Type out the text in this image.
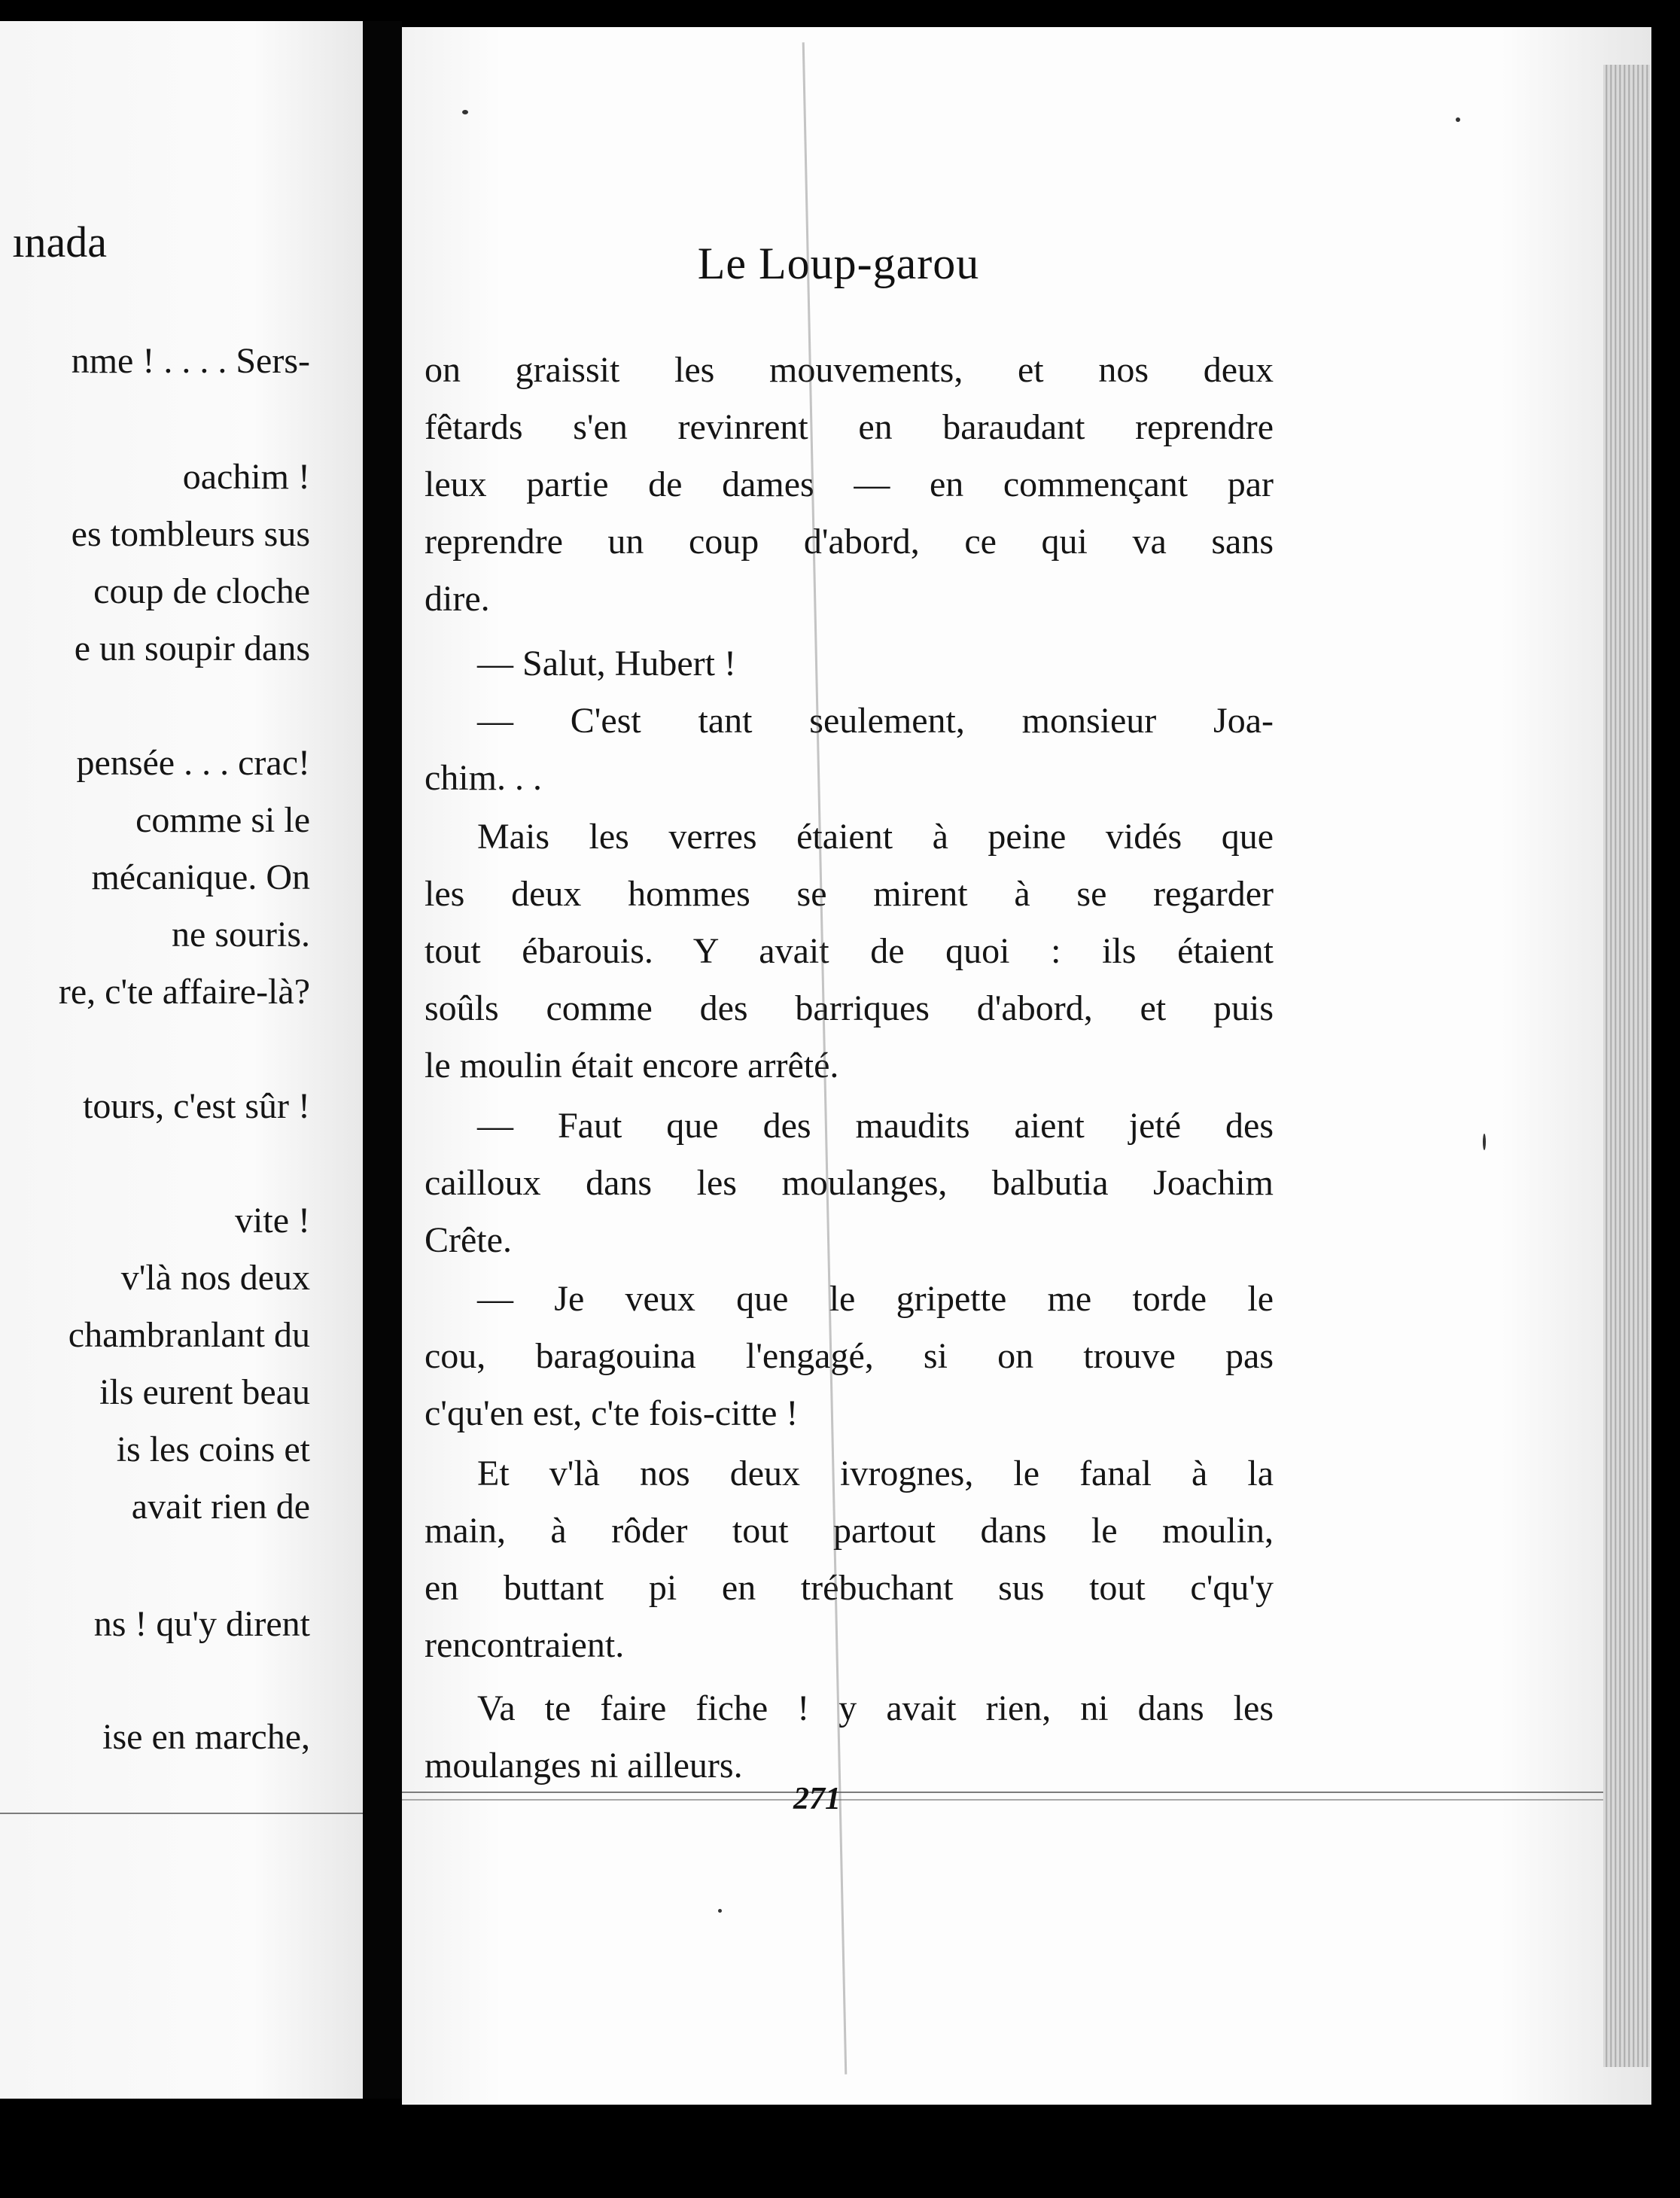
ınada
nme ! . . . . Sers-
oachim !
es tombleurs sus
coup de cloche
e un soupir dans
pensée . . . crac!
comme si le
mécanique. On
ne souris.
re, c'te affaire-là?
tours, c'est sûr !
vite !
v'là nos deux
chambranlant du
ils eurent beau
is les coins et
avait rien de
ns ! qu'y dirent
ise en marche,
Le Loup-garou
on graissit les mouvements, et nos deux
fêtards s'en revinrent en baraudant reprendre
leux partie de dames — en commençant par
reprendre un coup d'abord, ce qui va sans
dire.
— Salut, Hubert !
— C'est tant seulement, monsieur Joa-
chim. . .
Mais les verres étaient à peine vidés que
les deux hommes se mirent à se regarder
tout ébarouis. Y avait de quoi : ils étaient
soûls comme des barriques d'abord, et puis
le moulin était encore arrêté.
— Faut que des maudits aient jeté des
cailloux dans les moulanges, balbutia Joachim
Crête.
— Je veux que le gripette me torde le
cou, baragouina l'engagé, si on trouve pas
c'qu'en est, c'te fois-citte !
Et v'là nos deux ivrognes, le fanal à la
main, à rôder tout partout dans le moulin,
en buttant pi en trébuchant sus tout c'qu'y
rencontraient.
Va te faire fiche ! y avait rien, ni dans les
moulanges ni ailleurs.
271
